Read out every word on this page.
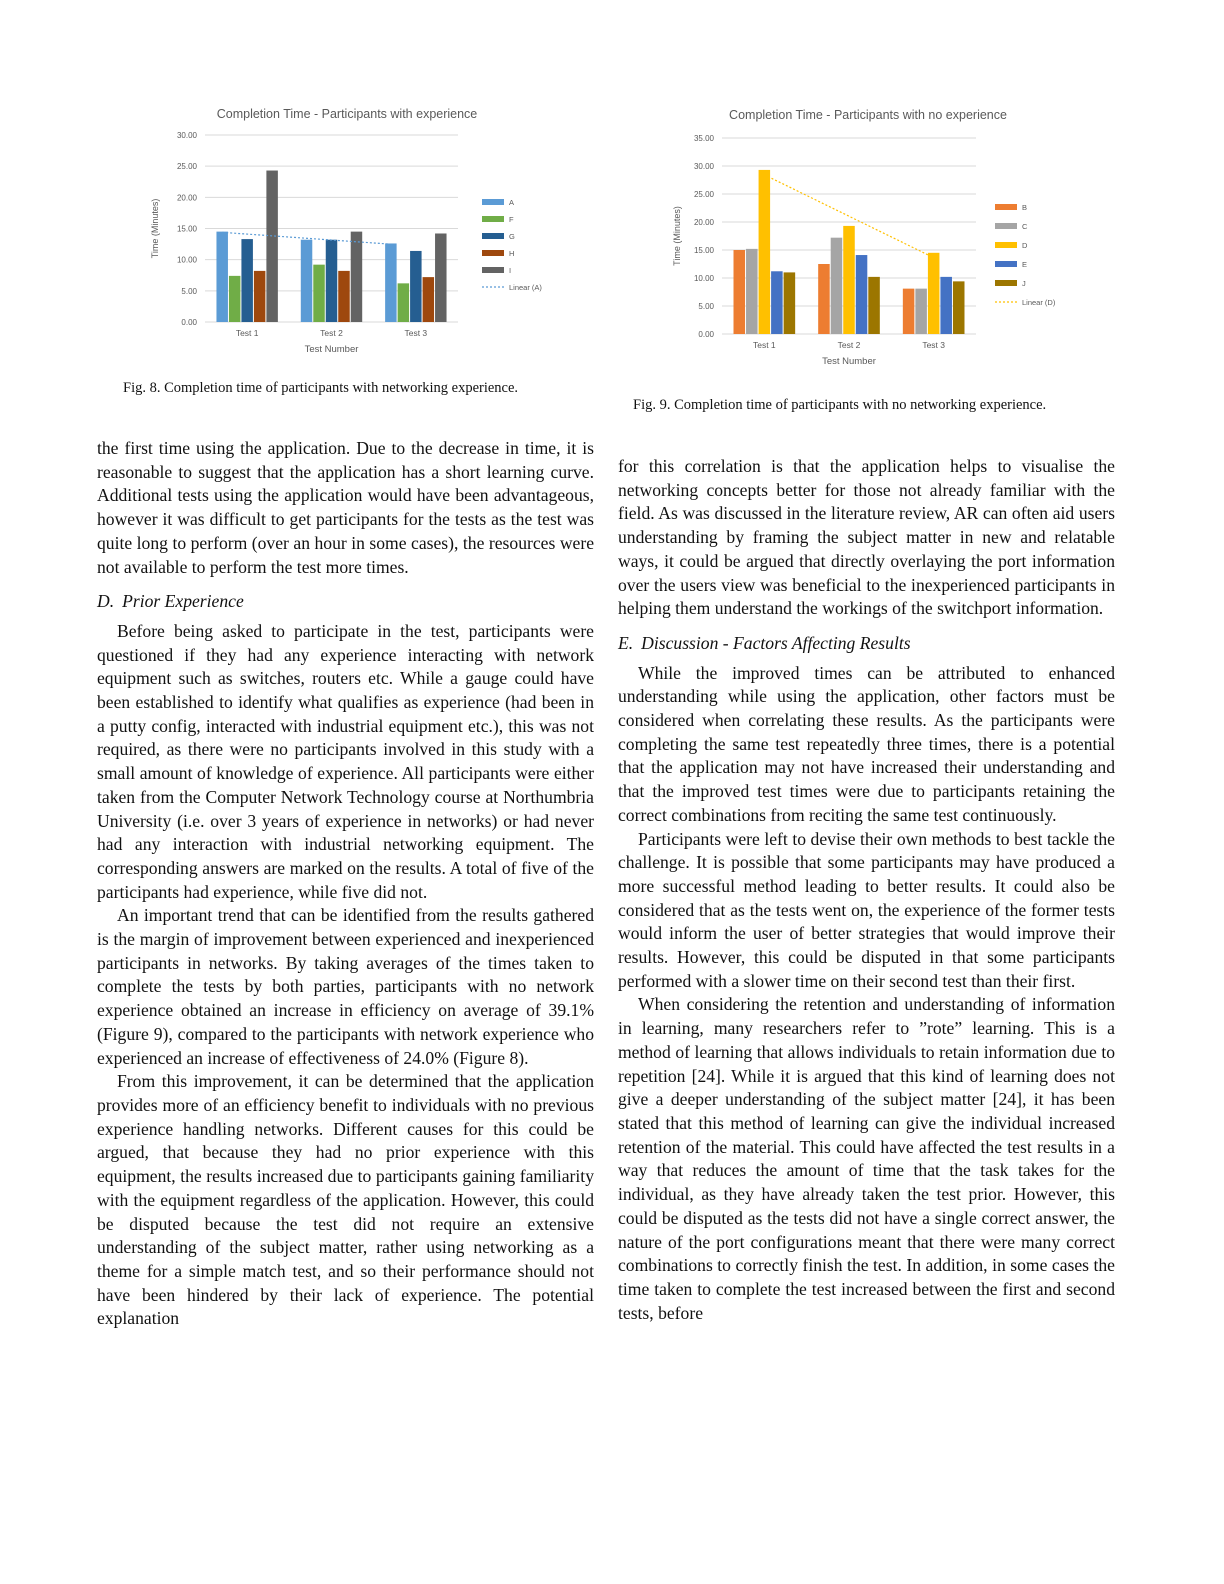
Completion Time - Participants with experience
0.00
5.00
10.00
15.00
20.00
25.00
30.00
Time (Minutes)
Test 1	Test 2	Test 3
Test Number
A
F
G
H
I
Linear (A)
Fig. 8. Completion time of participants with networking experience.
Completion Time - Participants with no experience
0.00
5.00
10.00
15.00
20.00
25.00
30.00
35.00
Time (Minutes)
Test 1	Test 2	Test 3
Test Number
B
C
D
E
J
Linear (D)
Fig. 9. Completion time of participants with no networking experience.

the first time using the application. Due to the decrease in time, it is reasonable to suggest that the application has a short learning curve. Additional tests using the application would have been advantageous, however it was difficult to get participants for the tests as the test was quite long to perform (over an hour in some cases), the resources were not available to perform the test more times.

D. Prior Experience

Before being asked to participate in the test, participants were questioned if they had any experience interacting with network equipment such as switches, routers etc. While a gauge could have been established to identify what qualifies as experience (had been in a putty config, interacted with industrial equipment etc.), this was not required, as there were no participants involved in this study with a small amount of knowledge of experience. All participants were either taken from the Computer Network Technology course at Northumbria University (i.e. over 3 years of experience in networks) or had never had any interaction with industrial networking equipment. The corresponding answers are marked on the results. A total of five of the participants had experience, while five did not.

An important trend that can be identified from the results gathered is the margin of improvement between experienced and inexperienced participants in networks. By taking averages of the times taken to complete the tests by both parties, participants with no network experience obtained an increase in efficiency on average of 39.1% (Figure 9), compared to the participants with network experience who experienced an increase of effectiveness of 24.0% (Figure 8).

From this improvement, it can be determined that the application provides more of an efficiency benefit to individuals with no previous experience handling networks. Different causes for this could be argued, that because they had no prior experience with this equipment, the results increased due to participants gaining familiarity with the equipment regardless of the application. However, this could be disputed because the test did not require an extensive understanding of the subject matter, rather using networking as a theme for a simple match test, and so their performance should not have been hindered by their lack of experience. The potential explanation

for this correlation is that the application helps to visualise the networking concepts better for those not already familiar with the field. As was discussed in the literature review, AR can often aid users understanding by framing the subject matter in new and relatable ways, it could be argued that directly overlaying the port information over the users view was beneficial to the inexperienced participants in helping them understand the workings of the switchport information.

E. Discussion - Factors Affecting Results

While the improved times can be attributed to enhanced understanding while using the application, other factors must be considered when correlating these results. As the participants were completing the same test repeatedly three times, there is a potential that the application may not have increased their understanding and that the improved test times were due to participants retaining the correct combinations from reciting the same test continuously.

Participants were left to devise their own methods to best tackle the challenge. It is possible that some participants may have produced a more successful method leading to better results. It could also be considered that as the tests went on, the experience of the former tests would inform the user of better strategies that would improve their results. However, this could be disputed in that some participants performed with a slower time on their second test than their first.

When considering the retention and understanding of information in learning, many researchers refer to ”rote” learning. This is a method of learning that allows individuals to retain information due to repetition [24]. While it is argued that this kind of learning does not give a deeper understanding of the subject matter [24], it has been stated that this method of learning can give the individual increased retention of the material. This could have affected the test results in a way that reduces the amount of time that the task takes for the individual, as they have already taken the test prior. However, this could be disputed as the tests did not have a single correct answer, the nature of the port configurations meant that there were many correct combinations to correctly finish the test. In addition, in some cases the time taken to complete the test increased between the first and second tests, before
